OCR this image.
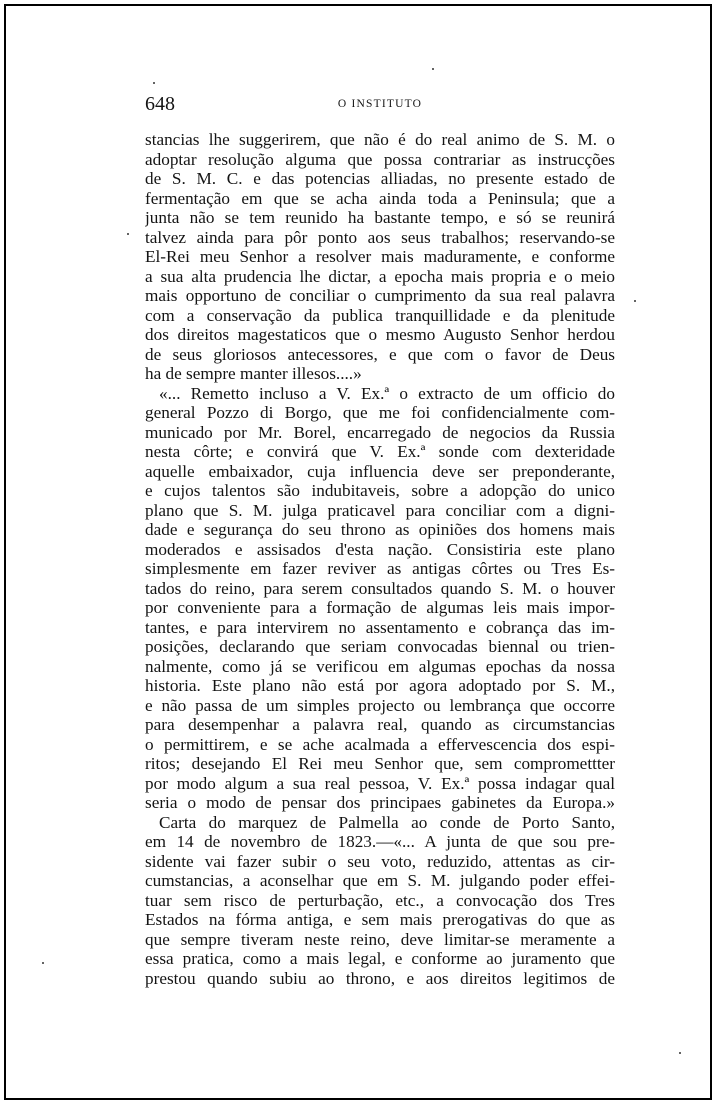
648	O INSTITUTO
stancias lhe suggerirem, que não é do real animo de S. M. o
adoptar resolução alguma que possa contrariar as instrucções
de S. M. C. e das potencias alliadas, no presente estado de
fermentação em que se acha ainda toda a Peninsula; que a
junta não se tem reunido ha bastante tempo, e só se reunirá
talvez ainda para pôr ponto aos seus trabalhos; reservando-se
El-Rei meu Senhor a resolver mais maduramente, e conforme
a sua alta prudencia lhe dictar, a epocha mais propria e o meio
mais opportuno de conciliar o cumprimento da sua real palavra
com a conservação da publica tranquillidade e da plenitude
dos direitos magestaticos que o mesmo Augusto Senhor herdou
de seus gloriosos antecessores, e que com o favor de Deus
ha de sempre manter illesos....»
«... Remetto incluso a V. Ex.ª o extracto de um officio do
general Pozzo di Borgo, que me foi confidencialmente com-
municado por Mr. Borel, encarregado de negocios da Russia
nesta côrte; e convirá que V. Ex.ª sonde com dexteridade
aquelle embaixador, cuja influencia deve ser preponderante,
e cujos talentos são indubitaveis, sobre a adopção do unico
plano que S. M. julga praticavel para conciliar com a digni-
dade e segurança do seu throno as opiniões dos homens mais
moderados e assisados d'esta nação. Consistiria este plano
simplesmente em fazer reviver as antigas côrtes ou Tres Es-
tados do reino, para serem consultados quando S. M. o houver
por conveniente para a formação de algumas leis mais impor-
tantes, e para intervirem no assentamento e cobrança das im-
posições, declarando que seriam convocadas biennal ou trien-
nalmente, como já se verificou em algumas epochas da nossa
historia. Este plano não está por agora adoptado por S. M.,
e não passa de um simples projecto ou lembrança que occorre
para desempenhar a palavra real, quando as circumstancias
o permittirem, e se ache acalmada a effervescencia dos espi-
ritos; desejando El Rei meu Senhor que, sem compromettter
por modo algum a sua real pessoa, V. Ex.ª possa indagar qual
seria o modo de pensar dos principaes gabinetes da Europa.»
Carta do marquez de Palmella ao conde de Porto Santo,
em 14 de novembro de 1823.—«... A junta de que sou pre-
sidente vai fazer subir o seu voto, reduzido, attentas as cir-
cumstancias, a aconselhar que em S. M. julgando poder effei-
tuar sem risco de perturbação, etc., a convocação dos Tres
Estados na fórma antiga, e sem mais prerogativas do que as
que sempre tiveram neste reino, deve limitar-se meramente a
essa pratica, como a mais legal, e conforme ao juramento que
prestou quando subiu ao throno, e aos direitos legitimos de
